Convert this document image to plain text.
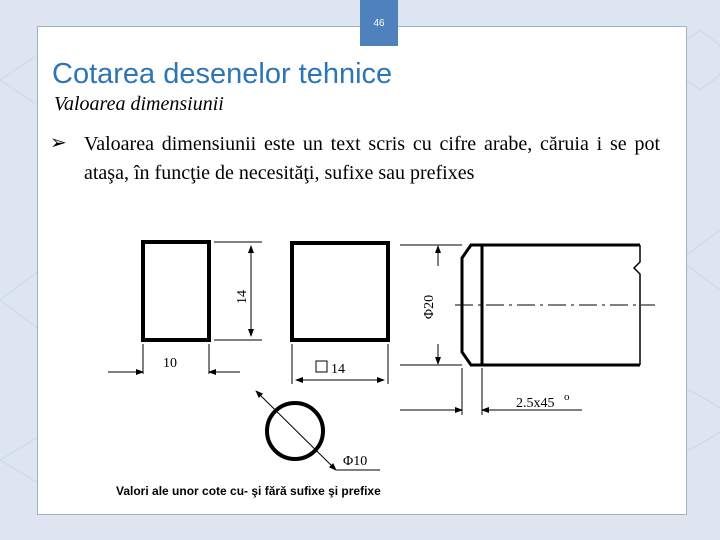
46
Cotarea desenelor tehnice
Valoarea dimensiunii
➢ Valoarea dimensiunii este un text scris cu cifre arabe, căruia i se pot ataşa, în funcţie de necesităţi, sufixe sau prefixes
14
10	14
Φ10
Φ20
2.5x45 o
Valori ale unor cote cu- şi fără sufixe şi prefixe
